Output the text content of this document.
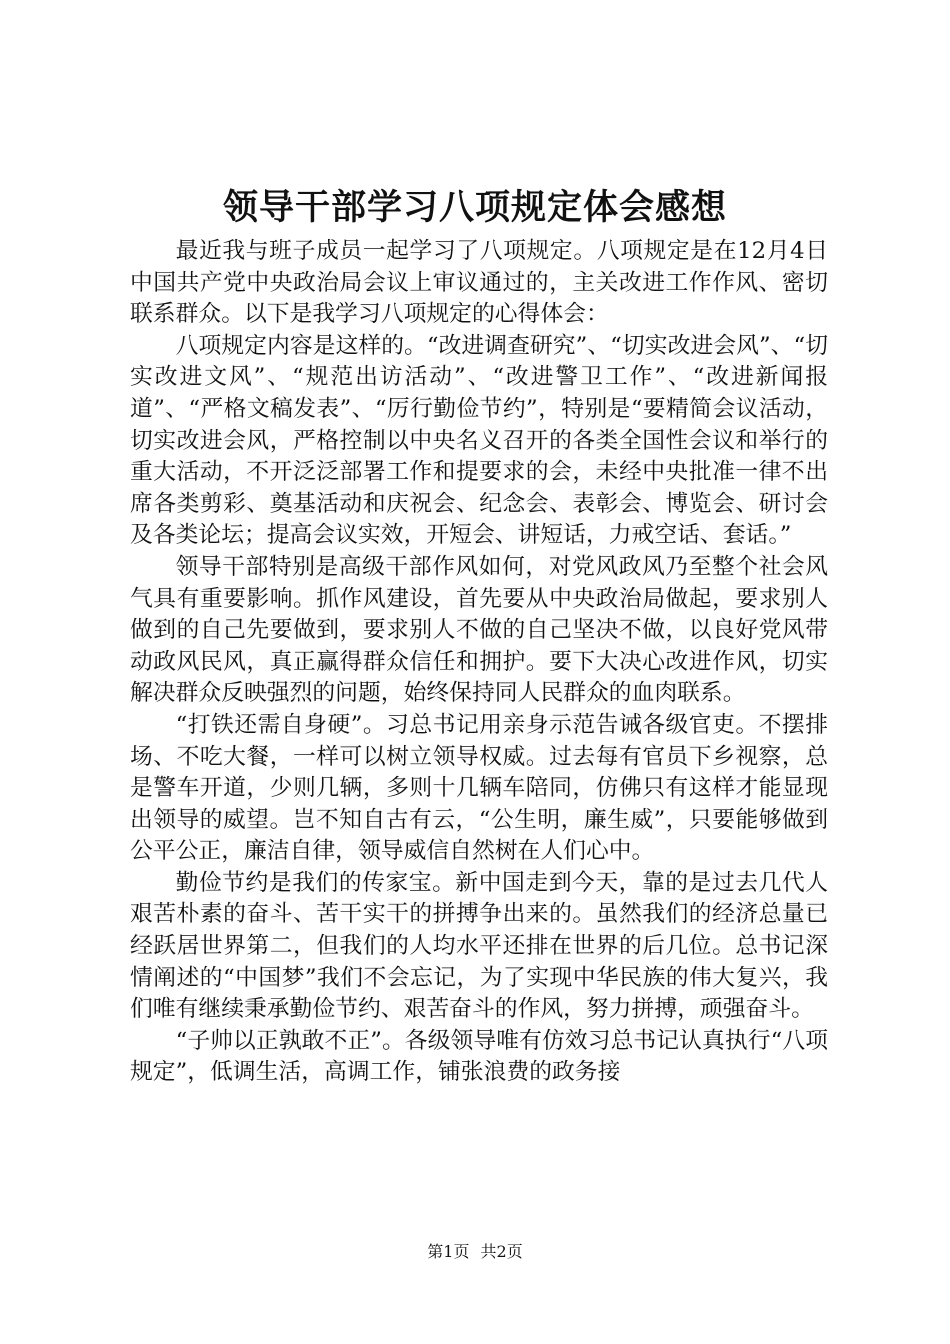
领导干部学习八项规定体会感想

最近我与班子成员一起学习了八项规定。八项规定是在12月4日中国共产党中央政治局会议上审议通过的，主关改进工作作风、密切联系群众。以下是我学习八项规定的心得体会：

八项规定内容是这样的。“改进调查研究”、“切实改进会风”、“切实改进文风”、“规范出访活动”、“改进警卫工作”、“改进新闻报道”、“严格文稿发表”、“厉行勤俭节约”，特别是“要精简会议活动，切实改进会风，严格控制以中央名义召开的各类全国性会议和举行的重大活动，不开泛泛部署工作和提要求的会，未经中央批准一律不出席各类剪彩、奠基活动和庆祝会、纪念会、表彰会、博览会、研讨会及各类论坛；提高会议实效，开短会、讲短话，力戒空话、套话。”

领导干部特别是高级干部作风如何，对党风政风乃至整个社会风气具有重要影响。抓作风建设，首先要从中央政治局做起，要求别人做到的自己先要做到，要求别人不做的自己坚决不做，以良好党风带动政风民风，真正赢得群众信任和拥护。要下大决心改进作风，切实解决群众反映强烈的问题，始终保持同人民群众的血肉联系。

“打铁还需自身硬”。习总书记用亲身示范告诫各级官吏。不摆排场、不吃大餐，一样可以树立领导权威。过去每有官员下乡视察，总是警车开道，少则几辆，多则十几辆车陪同，仿佛只有这样才能显现出领导的威望。岂不知自古有云，“公生明，廉生威”，只要能够做到公平公正，廉洁自律，领导威信自然树在人们心中。

勤俭节约是我们的传家宝。新中国走到今天，靠的是过去几代人艰苦朴素的奋斗、苦干实干的拼搏争出来的。虽然我们的经济总量已经跃居世界第二，但我们的人均水平还排在世界的后几位。总书记深情阐述的“中国梦”我们不会忘记，为了实现中华民族的伟大复兴，我们唯有继续秉承勤俭节约、艰苦奋斗的作风，努力拼搏，顽强奋斗。

“子帅以正孰敢不正”。各级领导唯有仿效习总书记认真执行“八项规定”，低调生活，高调工作，铺张浪费的政务接

第1页 共2页
